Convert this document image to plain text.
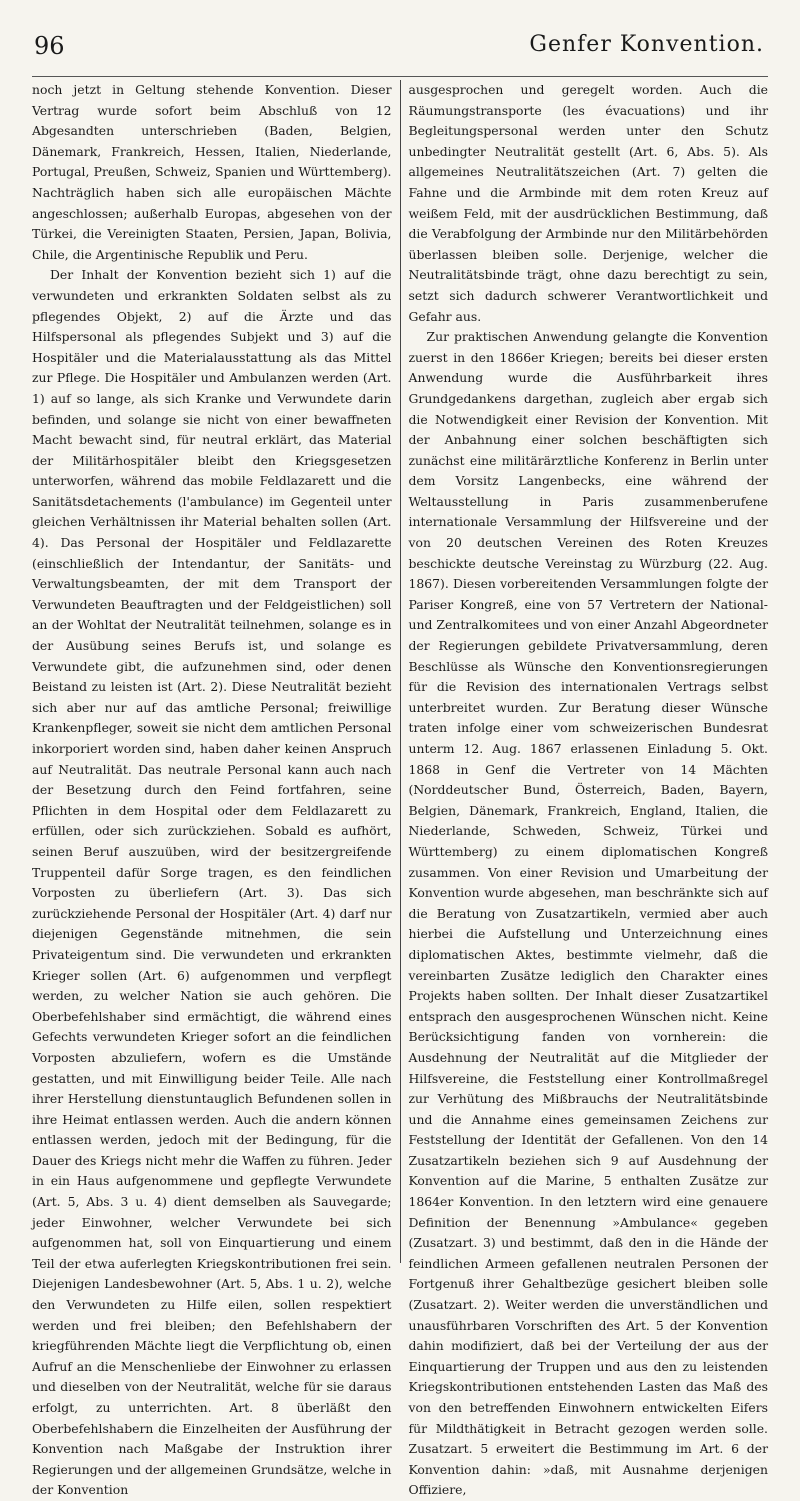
96	Genfer Konvention.

noch jetzt in Geltung stehende Konvention. Dieser Vertrag wurde sofort beim Abschluß von 12 Abgesandten unterschrieben (Baden, Belgien, Dänemark, Frankreich, Hessen, Italien, Niederlande, Portugal, Preußen, Schweiz, Spanien und Württemberg). Nachträglich haben sich alle europäischen Mächte angeschlossen; außerhalb Europas, abgesehen von der Türkei, die Vereinigten Staaten, Persien, Japan, Bolivia, Chile, die Argentinische Republik und Peru.

Der Inhalt der Konvention bezieht sich 1) auf die verwundeten und erkrankten Soldaten selbst als zu pflegendes Objekt, 2) auf die Ärzte und das Hilfspersonal als pflegendes Subjekt und 3) auf die Hospitäler und die Materialausstattung als das Mittel zur Pflege. Die Hospitäler und Ambulanzen werden (Art. 1) auf so lange, als sich Kranke und Verwundete darin befinden, und solange sie nicht von einer bewaffneten Macht bewacht sind, für neutral erklärt, das Material der Militärhospitäler bleibt den Kriegsgesetzen unterworfen, während das mobile Feldlazarett und die Sanitätsdetachements (l'ambulance) im Gegenteil unter gleichen Verhältnissen ihr Material behalten sollen (Art. 4). Das Personal der Hospitäler und Feldlazarette (einschließlich der Intendantur, der Sanitäts- und Verwaltungsbeamten, der mit dem Transport der Verwundeten Beauftragten und der Feldgeistlichen) soll an der Wohltat der Neutralität teilnehmen, solange es in der Ausübung seines Berufs ist, und solange es Verwundete gibt, die aufzunehmen sind, oder denen Beistand zu leisten ist (Art. 2). Diese Neutralität bezieht sich aber nur auf das amtliche Personal; freiwillige Krankenpfleger, soweit sie nicht dem amtlichen Personal inkorporiert worden sind, haben daher keinen Anspruch auf Neutralität. Das neutrale Personal kann auch nach der Besetzung durch den Feind fortfahren, seine Pflichten in dem Hospital oder dem Feldlazarett zu erfüllen, oder sich zurückziehen. Sobald es aufhört, seinen Beruf auszuüben, wird der besitzergreifende Truppenteil dafür Sorge tragen, es den feindlichen Vorposten zu überliefern (Art. 3). Das sich zurückziehende Personal der Hospitäler (Art. 4) darf nur diejenigen Gegenstände mitnehmen, die sein Privateigentum sind. Die verwundeten und erkrankten Krieger sollen (Art. 6) aufgenommen und verpflegt werden, zu welcher Nation sie auch gehören. Die Oberbefehlshaber sind ermächtigt, die während eines Gefechts verwundeten Krieger sofort an die feindlichen Vorposten abzuliefern, wofern es die Umstände gestatten, und mit Einwilligung beider Teile. Alle nach ihrer Herstellung dienstuntauglich Befundenen sollen in ihre Heimat entlassen werden. Auch die andern können entlassen werden, jedoch mit der Bedingung, für die Dauer des Kriegs nicht mehr die Waffen zu führen. Jeder in ein Haus aufgenommene und gepflegte Verwundete (Art. 5, Abs. 3 u. 4) dient demselben als Sauvegarde; jeder Einwohner, welcher Verwundete bei sich aufgenommen hat, soll von Einquartierung und einem Teil der etwa auferlegten Kriegskontributionen frei sein. Diejenigen Landesbewohner (Art. 5, Abs. 1 u. 2), welche den Verwundeten zu Hilfe eilen, sollen respektiert werden und frei bleiben; den Befehlshabern der kriegführenden Mächte liegt die Verpflichtung ob, einen Aufruf an die Menschenliebe der Einwohner zu erlassen und dieselben von der Neutralität, welche für sie daraus erfolgt, zu unterrichten. Art. 8 überläßt den Oberbefehlshabern die Einzelheiten der Ausführung der Konvention nach Maßgabe der Instruktion ihrer Regierungen und der allgemeinen Grundsätze, welche in der Konvention

ausgesprochen und geregelt worden. Auch die Räumungstransporte (les évacuations) und ihr Begleitungspersonal werden unter den Schutz unbedingter Neutralität gestellt (Art. 6, Abs. 5). Als allgemeines Neutralitätszeichen (Art. 7) gelten die Fahne und die Armbinde mit dem roten Kreuz auf weißem Feld, mit der ausdrücklichen Bestimmung, daß die Verabfolgung der Armbinde nur den Militärbehörden überlassen bleiben solle. Derjenige, welcher die Neutralitätsbinde trägt, ohne dazu berechtigt zu sein, setzt sich dadurch schwerer Verantwortlichkeit und Gefahr aus.

Zur praktischen Anwendung gelangte die Konvention zuerst in den 1866er Kriegen; bereits bei dieser ersten Anwendung wurde die Ausführbarkeit ihres Grundgedankens dargethan, zugleich aber ergab sich die Notwendigkeit einer Revision der Konvention. Mit der Anbahnung einer solchen beschäftigten sich zunächst eine militärärztliche Konferenz in Berlin unter dem Vorsitz Langenbecks, eine während der Weltausstellung in Paris zusammenberufene internationale Versammlung der Hilfsvereine und der von 20 deutschen Vereinen des Roten Kreuzes beschickte deutsche Vereinstag zu Würzburg (22. Aug. 1867). Diesen vorbereitenden Versammlungen folgte der Pariser Kongreß, eine von 57 Vertretern der National- und Zentralkomitees und von einer Anzahl Abgeordneter der Regierungen gebildete Privatversammlung, deren Beschlüsse als Wünsche den Konventionsregierungen für die Revision des internationalen Vertrags selbst unterbreitet wurden. Zur Beratung dieser Wünsche traten infolge einer vom schweizerischen Bundesrat unterm 12. Aug. 1867 erlassenen Einladung 5. Okt. 1868 in Genf die Vertreter von 14 Mächten (Norddeutscher Bund, Österreich, Baden, Bayern, Belgien, Dänemark, Frankreich, England, Italien, die Niederlande, Schweden, Schweiz, Türkei und Württemberg) zu einem diplomatischen Kongreß zusammen. Von einer Revision und Umarbeitung der Konvention wurde abgesehen, man beschränkte sich auf die Beratung von Zusatzartikeln, vermied aber auch hierbei die Aufstellung und Unterzeichnung eines diplomatischen Aktes, bestimmte vielmehr, daß die vereinbarten Zusätze lediglich den Charakter eines Projekts haben sollten. Der Inhalt dieser Zusatzartikel entsprach den ausgesprochenen Wünschen nicht. Keine Berücksichtigung fanden von vornherein: die Ausdehnung der Neutralität auf die Mitglieder der Hilfsvereine, die Feststellung einer Kontrollmaßregel zur Verhütung des Mißbrauchs der Neutralitätsbinde und die Annahme eines gemeinsamen Zeichens zur Feststellung der Identität der Gefallenen. Von den 14 Zusatzartikeln beziehen sich 9 auf Ausdehnung der Konvention auf die Marine, 5 enthalten Zusätze zur 1864er Konvention. In den letztern wird eine genauere Definition der Benennung »Ambulance« gegeben (Zusatzart. 3) und bestimmt, daß den in die Hände der feindlichen Armeen gefallenen neutralen Personen der Fortgenuß ihrer Gehaltbezüge gesichert bleiben solle (Zusatzart. 2). Weiter werden die unverständlichen und unausführbaren Vorschriften des Art. 5 der Konvention dahin modifiziert, daß bei der Verteilung der aus der Einquartierung der Truppen und aus den zu leistenden Kriegskontributionen entstehenden Lasten das Maß des von den betreffenden Einwohnern entwickelten Eifers für Mildthätigkeit in Betracht gezogen werden solle. Zusatzart. 5 erweitert die Bestimmung im Art. 6 der Konvention dahin: »daß, mit Ausnahme derjenigen Offiziere,
